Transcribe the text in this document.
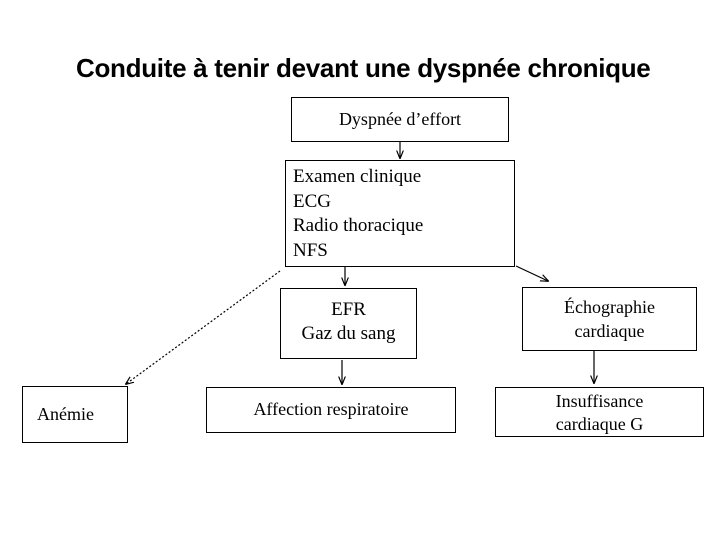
Conduite à tenir devant une dyspnée chronique
Dyspnée d’effort
Examen clinique
ECG
Radio thoracique
NFS
EFR
Gaz du sang
Échographie
cardiaque
Anémie	Affection respiratoire	Insuffisance
cardiaque G
